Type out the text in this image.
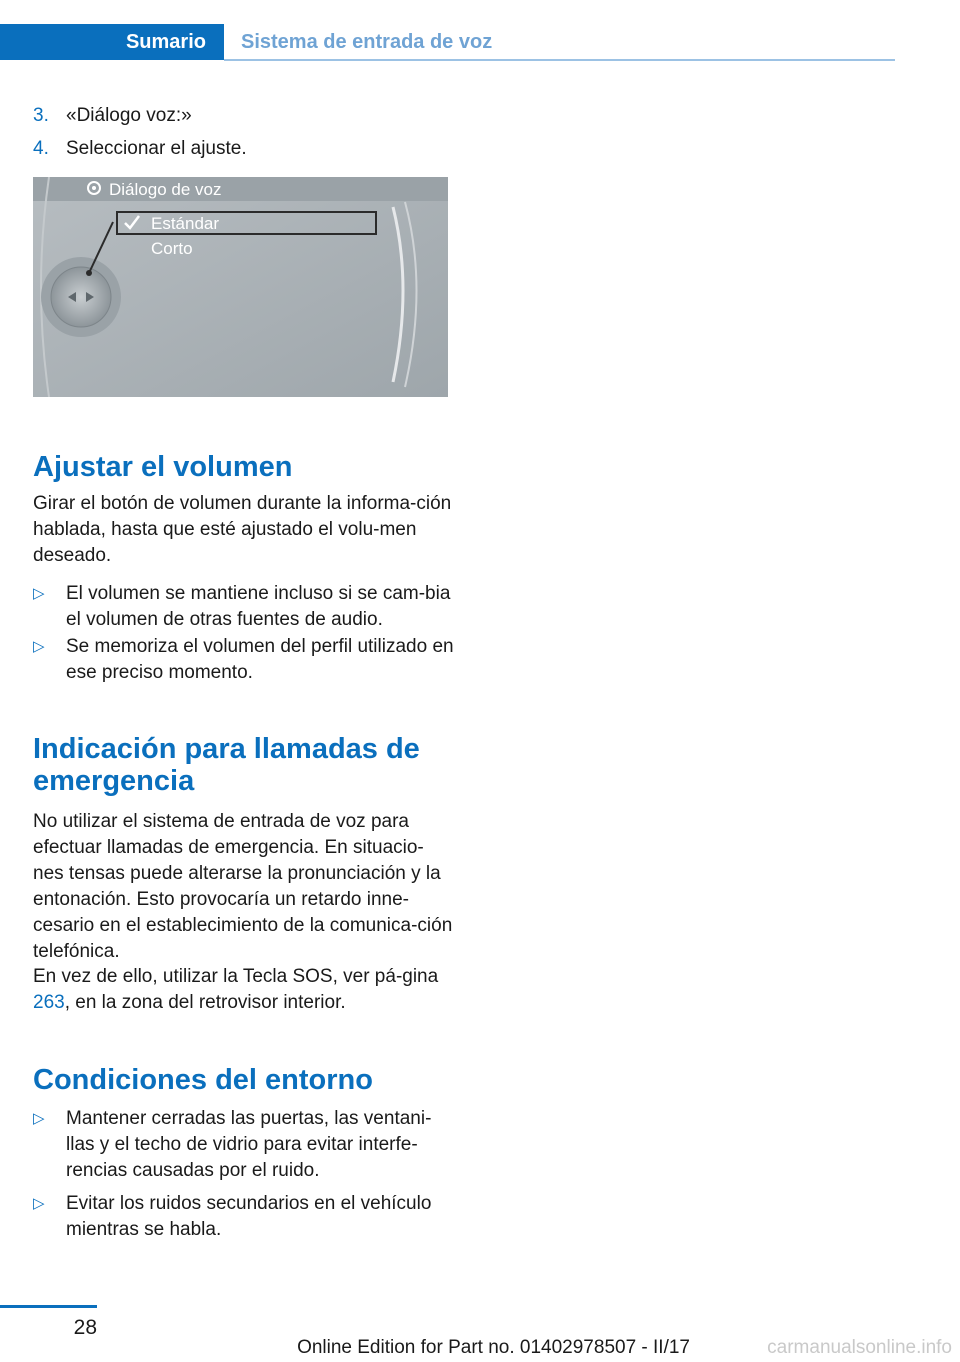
Sumario Sistema de entrada de voz
3. «Diálogo voz:»
4. Seleccionar el ajuste.
Diálogo de voz
Estándar
Corto
Ajustar el volumen

Girar el botón de volumen durante la informa-ción hablada, hasta que esté ajustado el volu-men deseado.

▷ El volumen se mantiene incluso si se cam-bia el volumen de otras fuentes de audio.
▷ Se memoriza el volumen del perfil utilizado en ese preciso momento.
Indicación para llamadas de
emergencia

No utilizar el sistema de entrada de voz para efectuar llamadas de emergencia. En situacio-nes tensas puede alterarse la pronunciación y la entonación. Esto provocaría un retardo inne-cesario en el establecimiento de la comunica-ción telefónica.

En vez de ello, utilizar la Tecla SOS, ver pá-gina 263, en la zona del retrovisor interior.

Condiciones del entorno
▷ Mantener cerradas las puertas, las ventani-llas y el techo de vidrio para evitar interfe-rencias causadas por el ruido.
▷ Evitar los ruidos secundarios en el vehículo mientras se habla.
28
Online Edition for Part no. 01402978507 - II/17	carmanualsonline.info
